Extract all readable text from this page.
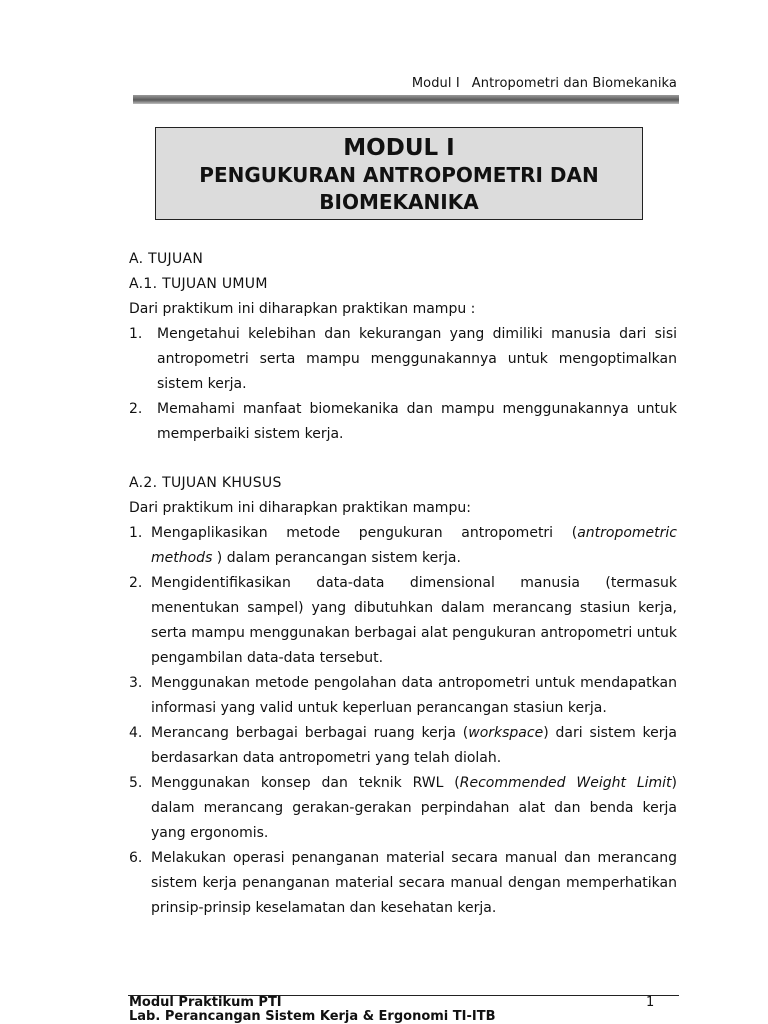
Modul I Antropometri dan Biomekanika
MODUL I
PENGUKURAN ANTROPOMETRI DAN
BIOMEKANIKA
A. TUJUAN
A.1. TUJUAN UMUM
Dari praktikum ini diharapkan praktikan mampu :
1. Mengetahui kelebihan dan kekurangan yang dimiliki manusia dari sisi antropometri serta mampu menggunakannya untuk mengoptimalkan sistem kerja.
2. Memahami manfaat biomekanika dan mampu menggunakannya untuk memperbaiki sistem kerja.
A.2. TUJUAN KHUSUS
Dari praktikum ini diharapkan praktikan mampu:
1. Mengaplikasikan metode pengukuran antropometri (antropometric methods ) dalam perancangan sistem kerja.
2. Mengidentifikasikan data-data dimensional manusia (termasuk menentukan sampel) yang dibutuhkan dalam merancang stasiun kerja, serta mampu menggunakan berbagai alat pengukuran antropometri untuk pengambilan data-data tersebut.
3. Menggunakan metode pengolahan data antropometri untuk mendapatkan informasi yang valid untuk keperluan perancangan stasiun kerja.
4. Merancang berbagai berbagai ruang kerja (workspace) dari sistem kerja berdasarkan data antropometri yang telah diolah.
5. Menggunakan konsep dan teknik RWL (Recommended Weight Limit) dalam merancang gerakan-gerakan perpindahan alat dan benda kerja yang ergonomis.
6. Melakukan operasi penanganan material secara manual dan merancang sistem kerja penanganan material secara manual dengan memperhatikan prinsip-prinsip keselamatan dan kesehatan kerja.
Modul Praktikum PTI
Lab. Perancangan Sistem Kerja & Ergonomi TI-ITB
1
